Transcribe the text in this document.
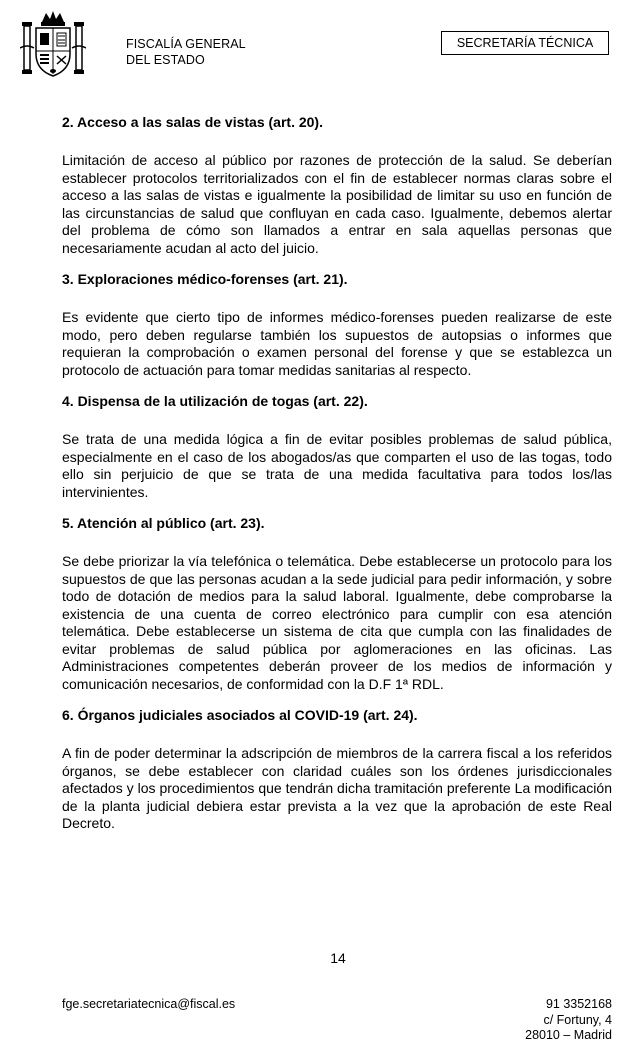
FISCALÍA GENERAL
DEL ESTADO
SECRETARÍA TÉCNICA

2. Acceso a las salas de vistas (art. 20).

Limitación de acceso al público por razones de protección de la salud. Se deberían establecer protocolos territorializados con el fin de establecer normas claras sobre el acceso a las salas de vistas e igualmente la posibilidad de limitar su uso en función de las circunstancias de salud que confluyan en cada caso. Igualmente, debemos alertar del problema de cómo son llamados a entrar en sala aquellas personas que necesariamente acudan al acto del juicio.

3. Exploraciones médico-forenses (art. 21).

Es evidente que cierto tipo de informes médico-forenses pueden realizarse de este modo, pero deben regularse también los supuestos de autopsias o informes que requieran la comprobación o examen personal del forense y que se establezca un protocolo de actuación para tomar medidas sanitarias al respecto.

4. Dispensa de la utilización de togas (art. 22).

Se trata de una medida lógica a fin de evitar posibles problemas de salud pública, especialmente en el caso de los abogados/as que comparten el uso de las togas, todo ello sin perjuicio de que se trata de una medida facultativa para todos los/las intervinientes.

5. Atención al público (art. 23).

Se debe priorizar la vía telefónica o telemática. Debe establecerse un protocolo para los supuestos de que las personas acudan a la sede judicial para pedir información, y sobre todo de dotación de medios para la salud laboral. Igualmente, debe comprobarse la existencia de una cuenta de correo electrónico para cumplir con esa atención telemática. Debe establecerse un sistema de cita que cumpla con las finalidades de evitar problemas de salud pública por aglomeraciones en las oficinas. Las Administraciones competentes deberán proveer de los medios de información y comunicación necesarios, de conformidad con la D.F 1ª RDL.

6. Órganos judiciales asociados al COVID-19 (art. 24).

A fin de poder determinar la adscripción de miembros de la carrera fiscal a los referidos órganos, se debe establecer con claridad cuáles son los órdenes jurisdiccionales afectados y los procedimientos que tendrán dicha tramitación preferente La modificación de la planta judicial debiera estar prevista a la vez que la aprobación de este Real Decreto.

14
fge.secretariatecnica@fiscal.es	91 3352168
c/ Fortuny, 4
28010 – Madrid
